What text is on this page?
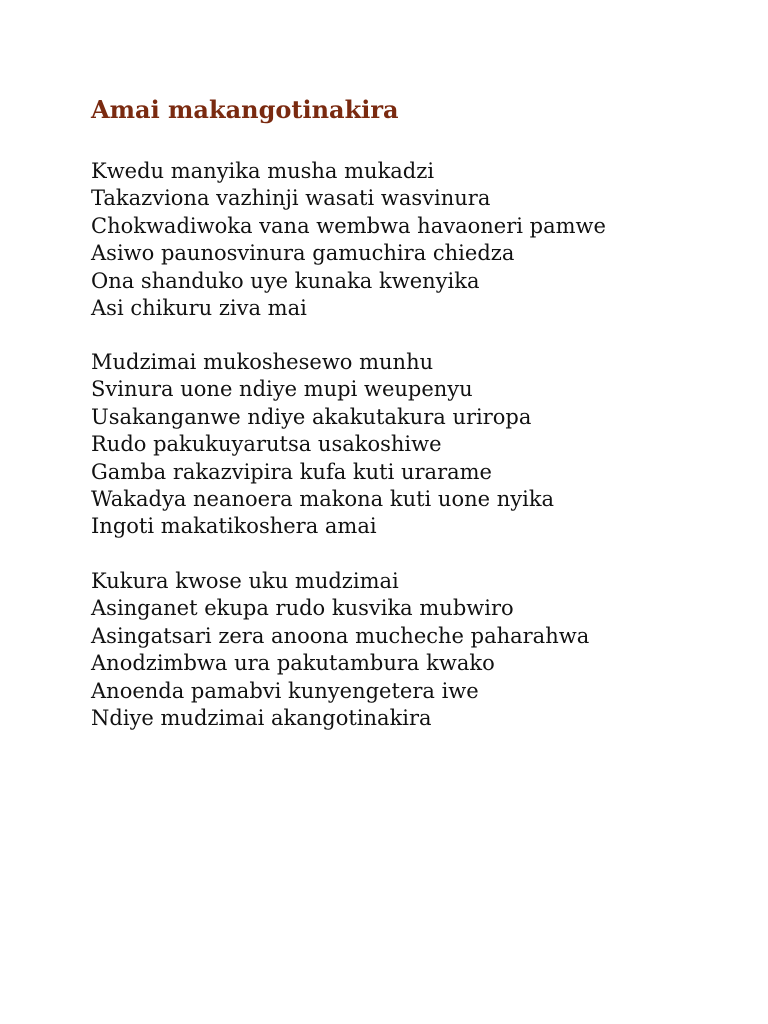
Amai makangotinakira
Kwedu manyika musha mukadzi
Takazviona vazhinji wasati wasvinura
Chokwadiwoka vana wembwa havaoneri pamwe
Asiwo paunosvinura gamuchira chiedza
Ona shanduko uye kunaka kwenyika
Asi chikuru ziva mai
Mudzimai mukoshesewo munhu
Svinura uone ndiye mupi weupenyu
Usakanganwe ndiye akakutakura uriropa
Rudo pakukuyarutsa usakoshiwe
Gamba rakazvipira kufa kuti urarame
Wakadya neanoera makona kuti uone nyika
Ingoti makatikoshera amai
Kukura kwose uku mudzimai
Asinganet ekupa rudo kusvika mubwiro
Asingatsari zera anoona mucheche paharahwa
Anodzimbwa ura pakutambura kwako
Anoenda pamabvi kunyengetera iwe
Ndiye mudzimai akangotinakira
